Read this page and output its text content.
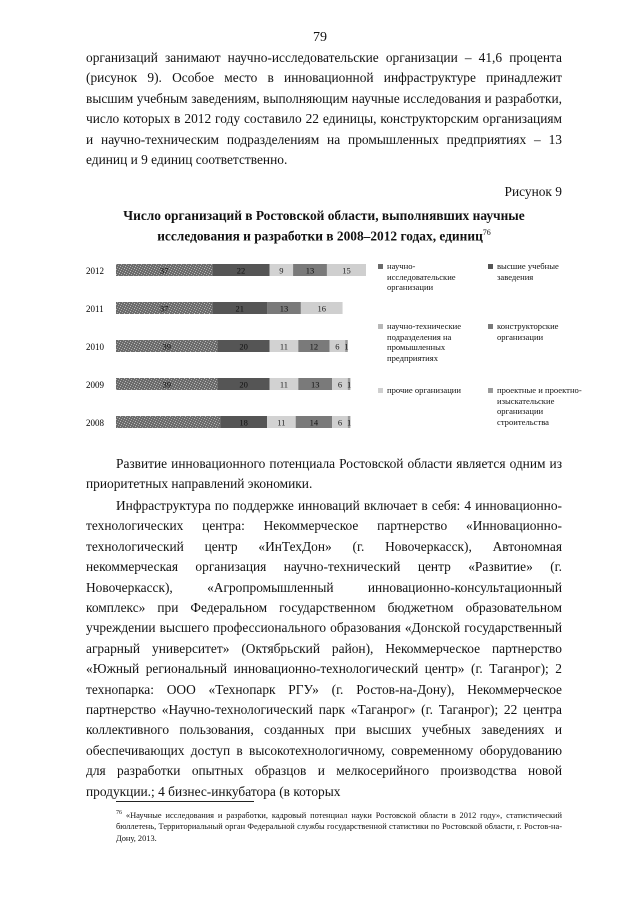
79

организаций занимают научно-исследовательские организации – 41,6 процента (рисунок 9). Особое место в инновационной инфраструктуре принадлежит высшим учебным заведениям, выполняющим научные исследования и разработки, число которых в 2012 году составило 22 единицы, конструкторским организациям и научно-техническим подразделениям на промышленных предприятиях – 13 единиц и 9 единиц соответственно.

Рисунок 9
Число организаций в Ростовской области, выполнявших научные исследования и разработки в 2008–2012 годах, единиц$^{76}$
2012	37	22	9	13	15
2011	37	21	13	16
2010	39	20	11	12 6 1
2009	39	20	11	13 6 1
2008	18	11	14 6 1
научно-исследовательские организации
высшие учебные заведения
научно-технические подразделения на промышленных предприятиях
конструкторские организации
прочие организации	проектные и проектно-изыскательские организации строительства

Развитие инновационного потенциала Ростовской области является одним из приоритетных направлений экономики.

Инфраструктура по поддержке инноваций включает в себя: 4 инновационно-технологических центра: Некоммерческое партнерство «Инновационно-технологический центр «ИнТехДон» (г. Новочеркасск), Автономная некоммерческая организация научно-технический центр «Развитие» (г. Новочеркасск), «Агропромышленный инновационно-консультационный комплекс» при Федеральном государственном бюджетном образовательном учреждении высшего профессионального образования «Донской государственный аграрный университет» (Октябрьский район), Некоммерческое партнерство «Южный региональный инновационно-технологический центр» (г. Таганрог); 2 технопарка: ООО «Технопарк РГУ» (г. Ростов-на-Дону), Некоммерческое партнерство «Научно-технологический парк «Таганрог» (г. Таганрог); 22 центра коллективного пользования, созданных при высших учебных заведениях и обеспечивающих доступ в высокотехнологичному, современному оборудованию для разработки опытных образцов и мелкосерийного производства новой продукции.; 4 бизнес-инкубатора (в которых

$^{76}$ «Научные исследования и разработки, кадровый потенциал науки Ростовской области в 2012 году», статистический бюллетень, Территориальный орган Федеральной службы государственной статистики по Ростовской области, г. Ростов-на-Дону, 2013.
